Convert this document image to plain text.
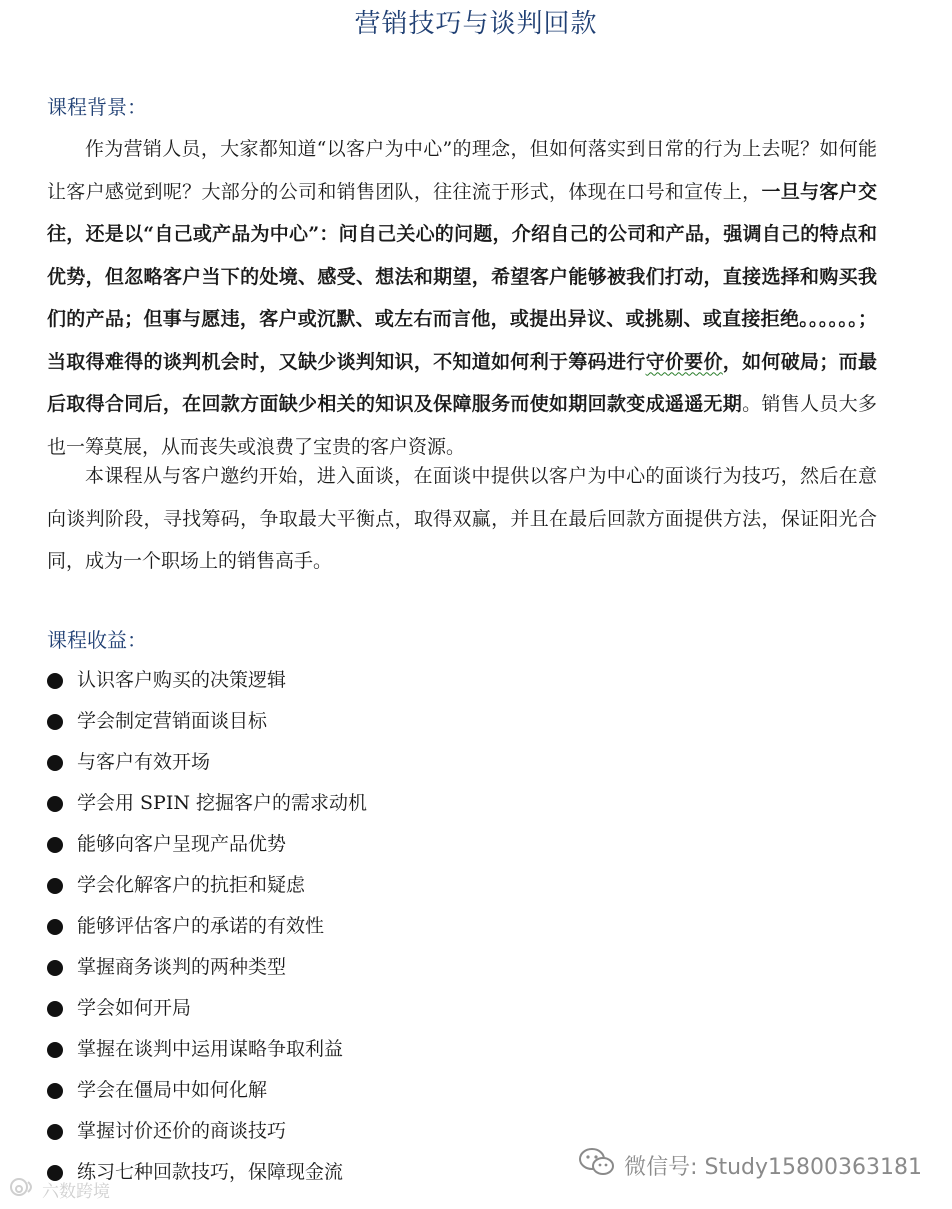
营销技巧与谈判回款
课程背景：
作为营销人员，大家都知道“以客户为中心”的理念，但如何落实到日常的行为上去呢？如何能让客户感觉到呢？大部分的公司和销售团队，往往流于形式，体现在口号和宣传上，一旦与客户交往，还是以“自己或产品为中心”：问自己关心的问题，介绍自己的公司和产品，强调自己的特点和优势，但忽略客户当下的处境、感受、想法和期望，希望客户能够被我们打动，直接选择和购买我们的产品；但事与愿违，客户或沉默、或左右而言他，或提出异议、或挑剔、或直接拒绝。。。。。。；当取得难得的谈判机会时，又缺少谈判知识，不知道如何利于筹码进行守价要价，如何破局；而最后取得合同后，在回款方面缺少相关的知识及保障服务而使如期回款变成遥遥无期。销售人员大多也一筹莫展，从而丧失或浪费了宝贵的客户资源。
本课程从与客户邀约开始，进入面谈，在面谈中提供以客户为中心的面谈行为技巧，然后在意向谈判阶段，寻找筹码，争取最大平衡点，取得双赢，并且在最后回款方面提供方法，保证阳光合同，成为一个职场上的销售高手。
课程收益：
认识客户购买的决策逻辑
学会制定营销面谈目标
与客户有效开场
学会用 SPIN 挖掘客户的需求动机
能够向客户呈现产品优势
学会化解客户的抗拒和疑虑
能够评估客户的承诺的有效性
掌握商务谈判的两种类型
学会如何开局
掌握在谈判中运用谋略争取利益
学会在僵局中如何化解
掌握讨价还价的商谈技巧
练习七种回款技巧，保障现金流
六数跨境
微信号: Study15800363181
